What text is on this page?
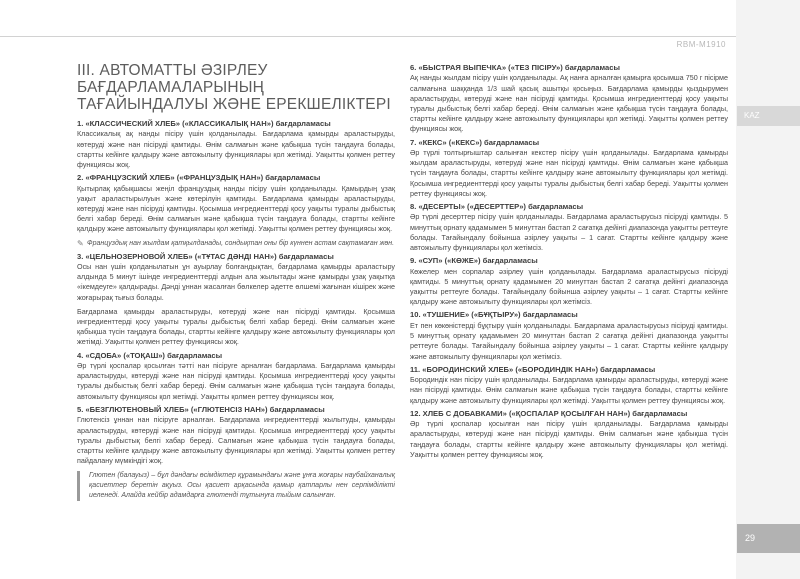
RBM-M1910
KAZ
29
III. АВТОМАТТЫ ӘЗІРЛЕУ БАҒДАРЛАМАЛАРЫНЫҢ ТАҒАЙЫНДАЛУЫ ЖӘНЕ ЕРЕКШЕЛІКТЕРІ
1. «КЛАССИЧЕСКИЙ ХЛЕБ» («КЛАССИКАЛЫҚ НАН») бағдарламасы

Классикалық ақ нанды пісіру үшін қолданылады. Бағдарлама қамырды араластыруды, көтеруді және нан пісіруді қамтиды. Өнім салмағын және қабықша түсін таңдауға болады, стартты кейінге қалдыру және автожылыту функциялары қол жетімді. Уақытты қолмен реттеу функциясы жоқ.

2. «ФРАНЦУЗСКИЙ ХЛЕБ» («ФРАНЦУЗДЫҚ НАН») бағдарламасы

Қытырлақ қабықшасы жеңіл француздық нанды пісіру үшін қолданылады. Қамырдың ұзақ уақыт араластырылуын және көтерілуін қамтиды. Бағдарлама қамырды араластыруды, көтеруді және нан пісіруді қамтиды. Қосымша ингредиенттерді қосу уақыты туралы дыбыстық белгі хабар береді. Өнім салмағын және қабықша түсін таңдауға болады, стартты кейінге қалдыру және автожылыту функциялары қол жетімді. Уақытты қолмен реттеу функциясы жоқ.

✎ Француздық нан жылдам қатқылданады, сондықтан оны бір күннен астам сақтамаған жөн.
3. «ЦЕЛЬНОЗЕРНОВОЙ ХЛЕБ» («ТҰТАС ДӘНДІ НАН») бағдарламасы

Осы нан үшін қолданылатын ұн ауырлау болғандықтан, бағдарлама қамырды араластыру алдында 5 минут ішінде ингредиенттерді алдын ала жылытады және қамырды ұзақ уақытқа «ікемдеуге» қалдырады. Дәнді ұннан жасалған бөлкелер әдетте өлшемі жағынан кішірек және жоғарырақ тығыз болады.

Бағдарлама қамырды араластыруды, көтеруді және нан пісіруді қамтиды. Қосымша ингредиенттерді қосу уақыты туралы дыбыстық белгі хабар береді. Өнім салмағын және қабықша түсін таңдауға болады, стартты кейінге қалдыру және автожылыту функциялары қол жетімді. Уақытты қолмен реттеу функциясы жоқ.

4. «СДОБА» («ТОҚАШ») бағдарламасы

Әр түрлі қоспалар қосылған тәтті нан пісіруге арналған бағдарлама. Бағдарлама қамырды араластыруды, көтеруді және нан пісіруді қамтиды. Қосымша ингредиенттерді қосу уақыты туралы дыбыстық белгі хабар береді. Өнім салмағын және қабықша түсін таңдауға болады, автожылыту функциясы қол жетімді. Уақытты қолмен реттеу функциясы жоқ.

5. «БЕЗГЛЮТЕНОВЫЙ ХЛЕБ» («ГЛЮТЕНСІЗ НАН») бағдарламасы

Глютенсіз ұннан нан пісіруге арналған. Бағдарлама ингредиенттерді жылытуды, қамырды араластыруды, көтеруді және нан пісіруді қамтиды. Қосымша ингредиенттерді қосу уақыты туралы дыбыстық белгі хабар береді. Салмағын және қабықша түсін таңдауға болады, стартты кейінге қалдыру және автожылыту функциялары қол жетімді. Уақытты қолмен реттеу пайдалану мүмкіндігі жоқ.

Глютен (балауыз) – бұл дәндағы өсімдіктер құрамындағы және ұнға жоғары наубайханалық қасиеттер беретін ақуыз. Осы қасиет арқасында қамыр қатпарлы нен серпімділікті иеленеді. Алайда кейбір адамдарға глютенді тұтынуға тыйым салынған.
6. «БЫСТРАЯ ВЫПЕЧКА» («ТЕЗ ПІСІРУ») бағдарламасы

Ақ нанды жылдам пісіру үшін қолданылады. Ақ нанға арналған қамырға қосымша 750 г пісірме салмағына шаққанда 1/3 шай қасық ашытқы қосыңыз. Бағдарлама қамырды қыздырумен араластыруды, көтеруді және нан пісіруді қамтиды. Қосымша ингредиенттерді қосу уақыты туралы дыбыстық белгі хабар береді. Өнім салмағын және қабықша түсін таңдауға болады, стартты кейінге қалдыру және автожылыту функциялары қол жетімді. Уақытты қолмен реттеу функциясы жоқ.

7. «КЕКС» («КЕКС») бағдарламасы

Әр түрлі толтырғыштар салынған кекстер пісіру үшін қолданылады. Бағдарлама қамырды жылдам араластыруды, көтеруді және нан пісіруді қамтиды. Өнім салмағын және қабықша түсін таңдауға болады, стартты кейінге қалдыру және автожылыту функциялары қол жетімді. Қосымша ингредиенттерді қосу уақыты туралы дыбыстық белгі хабар береді. Уақытты қолмен реттеу функциясы жоқ.

8. «ДЕСЕРТЫ» («ДЕСЕРТТЕР») бағдарламасы

Әр түрлі десерттер пісіру үшін қолданылады. Бағдарлама араластырусыз пісіруді қамтиды. 5 минуттық орнату қадамымен 5 минуттан бастап 2 сағатқа дейінгі диапазонда уақытты реттеуге болады. Тағайындалу бойынша әзірлеу уақыты – 1 сағат. Стартты кейінге қалдыру және автожылыту функциялары қол жетімсіз.

9. «СУП» («КӨЖЕ») бағдарламасы

Көжелер мен сорпалар әзірлеу үшін қолданылады. Бағдарлама араластырусыз пісіруді қамтиды. 5 минуттық орнату қадамымен 20 минуттан бастап 2 сағатқа дейінгі диапазонда уақытты реттеуге болады. Тағайындалу бойынша әзірлеу уақыты – 1 сағат. Стартты кейінге қалдыру және автожылыту функциялары қол жетімсіз.

10. «ТУШЕНИЕ» («БҰҚТЫРУ») бағдарламасы

Ет пен көкөністерді бұқтыру үшін қолданылады. Бағдарлама араластырусыз пісіруді қамтиды. 5 минуттық орнату қадамымен 20 минуттан бастап 2 сағатқа дейінгі диапазонда уақытты реттеуге болады. Тағайындалу бойынша әзірлеу уақыты – 1 сағат. Стартты кейінге қалдыру және автожылыту функциялары қол жетімсіз.

11. «БОРОДИНСКИЙ ХЛЕБ» («БОРОДИНДІК НАН») бағдарламасы

Бородиндік нан пісіру үшін қолданылады. Бағдарлама қамырды араластыруды, көтеруді және нан пісіруді қамтиды. Өнім салмағын және қабықша түсін таңдауға болады, стартты кейінге қалдыру және автожылыту функциялары қол жетімді. Уақытты қолмен реттеу функциясы жоқ.

12. ХЛЕБ С ДОБАВКАМИ» («ҚОСПАЛАР ҚОСЫЛҒАН НАН») бағдарламасы

Әр түрлі қоспалар қосылған нан пісіру үшін қолданылады. Бағдарлама қамырды араластыруды, көтеруді және нан пісіруді қамтиды. Өнім салмағын және қабықша түсін таңдауға болады, стартты кейінге қалдыру және автожылыту функциялары қол жетімді. Уақытты қолмен реттеу функциясы жоқ.
